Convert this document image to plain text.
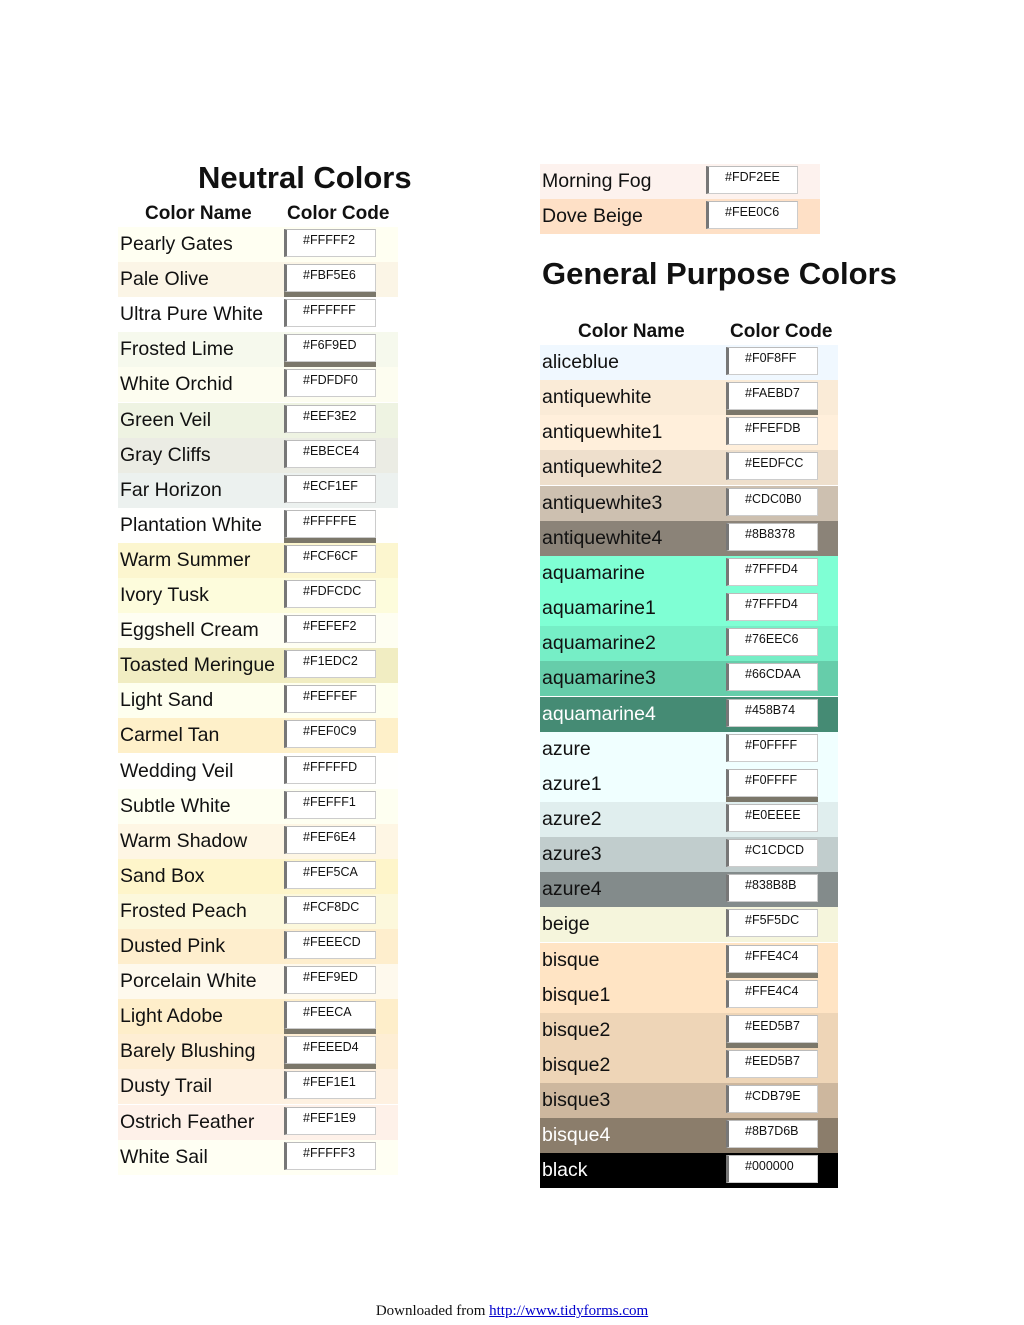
Neutral Colors
Color Name Color Code
Pearly Gates	#FFFFF2
Pale Olive	#FBF5E6
Ultra Pure White	#FFFFFF
Frosted Lime	#F6F9ED
White Orchid	#FDFDF0
Green Veil	#EEF3E2
Gray Cliffs	#EBECE4
Far Horizon	#ECF1EF
Plantation White	#FFFFFE
Warm Summer	#FCF6CF
Ivory Tusk	#FDFCDC
Eggshell Cream	#FEFEF2
Toasted Meringue	#F1EDC2
Light Sand	#FEFFEF
Carmel Tan	#FEF0C9
Wedding Veil	#FFFFFD
Subtle White	#FEFFF1
Warm Shadow	#FEF6E4
Sand Box	#FEF5CA
Frosted Peach	#FCF8DC
Dusted Pink	#FEEECD
Porcelain White	#FEF9ED
Light Adobe	#FEECA
Barely Blushing	#FEEED4
Dusty Trail	#FEF1E1
Ostrich Feather	#FEF1E9
White Sail	#FFFFF3
Morning Fog	#FDF2EE
Dove Beige	#FEE0C6
General Purpose Colors
Color Name Color Code
aliceblue	#F0F8FF
antiquewhite	#FAEBD7
antiquewhite1	#FFEFDB
antiquewhite2	#EEDFCC
antiquewhite3	#CDC0B0
antiquewhite4	#8B8378
aquamarine	#7FFFD4
aquamarine1	#7FFFD4
aquamarine2	#76EEC6
aquamarine3	#66CDAA
aquamarine4	#458B74
azure	#F0FFFF
azure1	#F0FFFF
azure2	#E0EEEE
azure3	#C1CDCD
azure4	#838B8B
beige	#F5F5DC
bisque	#FFE4C4
bisque1	#FFE4C4
bisque2	#EED5B7
bisque2	#EED5B7
bisque3	#CDB79E
bisque4	#8B7D6B
black	#000000
Downloaded from http://www.tidyforms.com
